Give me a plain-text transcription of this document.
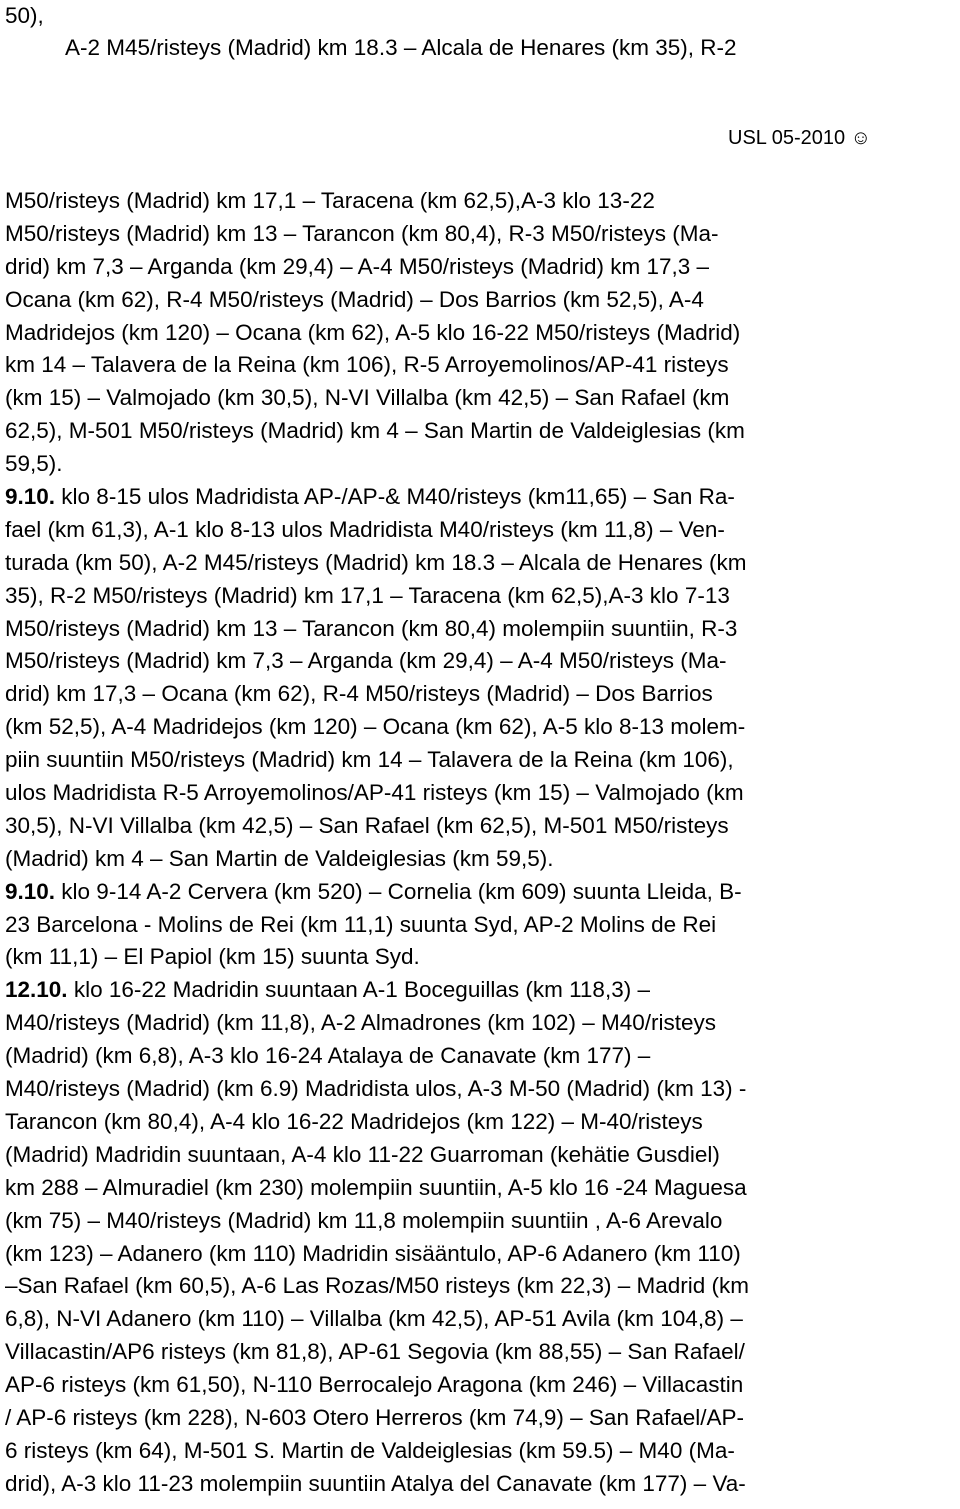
50),
A-2 M45/risteys (Madrid) km 18.3 – Alcala de Henares (km 35), R-2
USL 05-2010 ☺
M50/risteys (Madrid) km 17,1 – Taracena (km 62,5),A-3 klo 13-22
M50/risteys (Madrid) km 13 – Tarancon (km 80,4), R-3 M50/risteys (Ma-
drid) km 7,3 – Arganda (km 29,4) – A-4 M50/risteys (Madrid) km 17,3 –
Ocana (km 62), R-4 M50/risteys (Madrid) – Dos Barrios (km 52,5), A-4
Madridejos (km 120) – Ocana (km 62), A-5 klo 16-22 M50/risteys (Madrid)
km 14 – Talavera de la Reina (km 106), R-5 Arroyemolinos/AP-41 risteys
(km 15) – Valmojado (km 30,5), N-VI Villalba (km 42,5) – San Rafael (km
62,5), M-501 M50/risteys (Madrid) km 4 – San Martin de Valdeiglesias (km
59,5).
9.10. klo 8-15 ulos Madridista AP-/AP-& M40/risteys (km11,65) – San Ra-
fael (km 61,3), A-1 klo 8-13 ulos Madridista M40/risteys (km 11,8) – Ven-
turada (km 50), A-2 M45/risteys (Madrid) km 18.3 – Alcala de Henares (km
35), R-2 M50/risteys (Madrid) km 17,1 – Taracena (km 62,5),A-3 klo 7-13
M50/risteys (Madrid) km 13 – Tarancon (km 80,4) molempiin suuntiin, R-3
M50/risteys (Madrid) km 7,3 – Arganda (km 29,4) – A-4 M50/risteys (Ma-
drid) km 17,3 – Ocana (km 62), R-4 M50/risteys (Madrid) – Dos Barrios
(km 52,5), A-4 Madridejos (km 120) – Ocana (km 62), A-5 klo 8-13 molem-
piin suuntiin M50/risteys (Madrid) km 14 – Talavera de la Reina (km 106),
ulos Madridista R-5 Arroyemolinos/AP-41 risteys (km 15) – Valmojado (km
30,5), N-VI Villalba (km 42,5) – San Rafael (km 62,5), M-501 M50/risteys
(Madrid) km 4 – San Martin de Valdeiglesias (km 59,5).
9.10. klo 9-14 A-2 Cervera (km 520) – Cornelia (km 609) suunta Lleida, B-
23 Barcelona - Molins de Rei (km 11,1) suunta Syd, AP-2 Molins de Rei
(km 11,1) – El Papiol (km 15) suunta Syd.
12.10. klo 16-22 Madridin suuntaan A-1 Boceguillas (km 118,3) –
M40/risteys (Madrid) (km 11,8), A-2 Almadrones (km 102) – M40/risteys
(Madrid) (km 6,8), A-3 klo 16-24 Atalaya de Canavate (km 177) –
M40/risteys (Madrid) (km 6.9) Madridista ulos, A-3 M-50 (Madrid) (km 13) -
Tarancon (km 80,4), A-4 klo 16-22 Madridejos (km 122) – M-40/risteys
(Madrid) Madridin suuntaan, A-4 klo 11-22 Guarroman (kehätie Gusdiel)
km 288 – Almuradiel (km 230) molempiin suuntiin, A-5 klo 16 -24 Maguesa
(km 75) – M40/risteys (Madrid) km 11,8 molempiin suuntiin , A-6 Arevalo
(km 123) – Adanero (km 110) Madridin sisääntulo, AP-6 Adanero (km 110)
–San Rafael (km 60,5), A-6 Las Rozas/M50 risteys (km 22,3) – Madrid (km
6,8), N-VI Adanero (km 110) – Villalba (km 42,5), AP-51 Avila (km 104,8) –
Villacastin/AP6 risteys (km 81,8), AP-61 Segovia (km 88,55) – San Rafael/
AP-6 risteys (km 61,50), N-110 Berrocalejo Aragona (km 246) – Villacastin
/ AP-6 risteys (km 228), N-603 Otero Herreros (km 74,9) – San Rafael/AP-
6 risteys (km 64), M-501 S. Martin de Valdeiglesias (km 59.5) – M40 (Ma-
drid), A-3 klo 11-23 molempiin suuntiin Atalya del Canavate (km 177) – Va-
